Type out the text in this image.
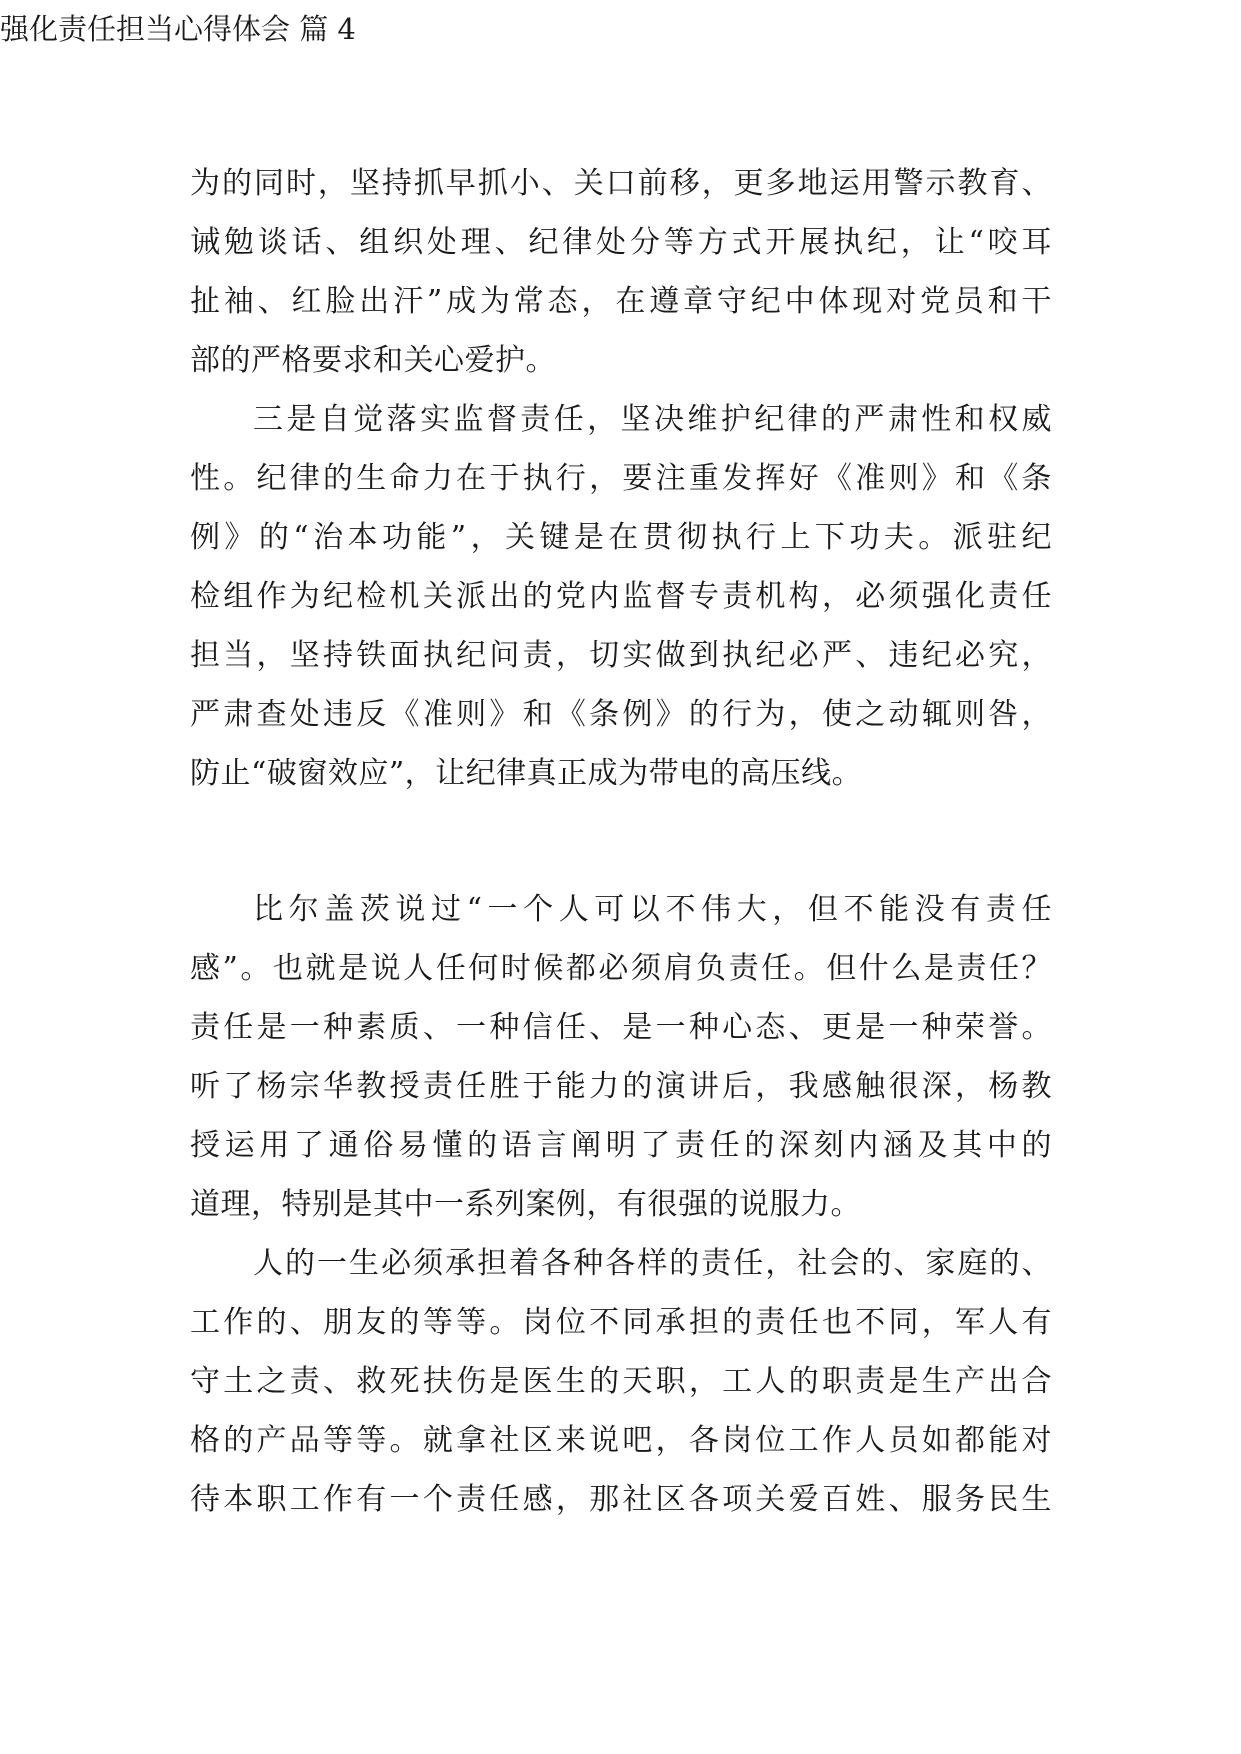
为的同时，坚持抓早抓小、关口前移，更多地运用警示教育、
诫勉谈话、组织处理、纪律处分等方式开展执纪，让“咬耳
扯袖、红脸出汗”成为常态，在遵章守纪中体现对党员和干
部的严格要求和关心爱护。

三是自觉落实监督责任，坚决维护纪律的严肃性和权威
性。纪律的生命力在于执行，要注重发挥好《准则》和《条
例》的“治本功能”，关键是在贯彻执行上下功夫。派驻纪
检组作为纪检机关派出的党内监督专责机构，必须强化责任
担当，坚持铁面执纪问责，切实做到执纪必严、违纪必究，
严肃查处违反《准则》和《条例》的行为，使之动辄则咎，
防止“破窗效应”，让纪律真正成为带电的高压线。

强化责任担当心得体会 篇 4

比尔盖茨说过“一个人可以不伟大，但不能没有责任
感”。也就是说人任何时候都必须肩负责任。但什么是责任？
责任是一种素质、一种信任、是一种心态、更是一种荣誉。
听了杨宗华教授责任胜于能力的演讲后，我感触很深，杨教
授运用了通俗易懂的语言阐明了责任的深刻内涵及其中的
道理，特别是其中一系列案例，有很强的说服力。

人的一生必须承担着各种各样的责任，社会的、家庭的、
工作的、朋友的等等。岗位不同承担的责任也不同，军人有
守土之责、救死扶伤是医生的天职，工人的职责是生产出合
格的产品等等。就拿社区来说吧，各岗位工作人员如都能对
待本职工作有一个责任感，那社区各项关爱百姓、服务民生
